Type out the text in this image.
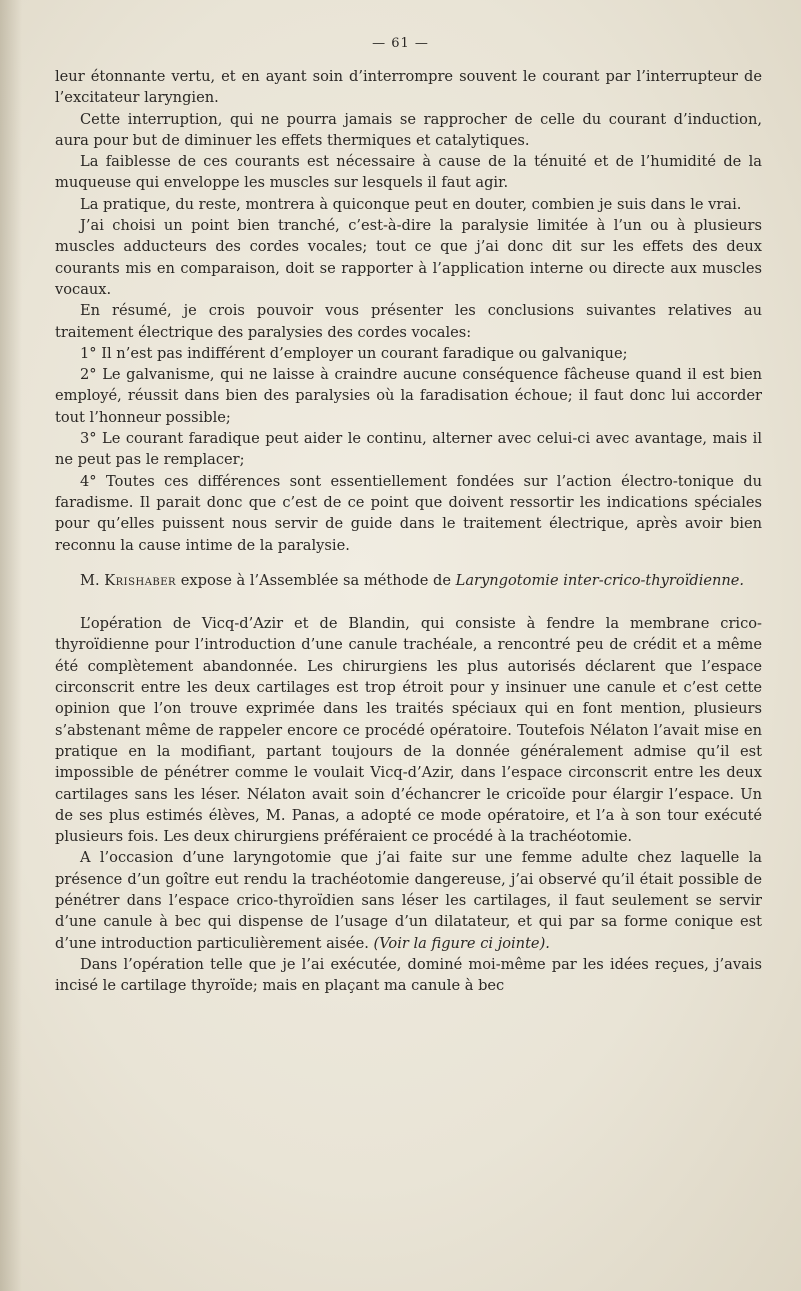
— 61 —

leur étonnante vertu, et en ayant soin d’interrompre souvent le courant par l’interrupteur de l’excitateur laryngien.

Cette interruption, qui ne pourra jamais se rapprocher de celle du courant d’induction, aura pour but de diminuer les effets thermiques et catalytiques.

La faiblesse de ces courants est nécessaire à cause de la ténuité et de l’humidité de la muqueuse qui enveloppe les muscles sur lesquels il faut agir.

La pratique, du reste, montrera à quiconque peut en douter, combien je suis dans le vrai.

J’ai choisi un point bien tranché, c’est-à-dire la paralysie limitée à l’un ou à plusieurs muscles adducteurs des cordes vocales; tout ce que j’ai donc dit sur les effets des deux courants mis en comparaison, doit se rapporter à l’application interne ou directe aux muscles vocaux.

En résumé, je crois pouvoir vous présenter les conclusions suivantes relatives au traitement électrique des paralysies des cordes vocales:

1° Il n’est pas indifférent d’employer un courant faradique ou galvanique;

2° Le galvanisme, qui ne laisse à craindre aucune conséquence fâcheuse quand il est bien employé, réussit dans bien des paralysies où la faradisation échoue; il faut donc lui accorder tout l’honneur possible;

3° Le courant faradique peut aider le continu, alterner avec celui-ci avec avantage, mais il ne peut pas le remplacer;

4° Toutes ces différences sont essentiellement fondées sur l’action électro-tonique du faradisme. Il parait donc que c’est de ce point que doivent ressortir les indications spéciales pour qu’elles puissent nous servir de guide dans le traitement électrique, après avoir bien reconnu la cause intime de la paralysie.

M. Krishaber expose à l’Assemblée sa méthode de Laryngotomie inter-crico-thyroïdienne.

L’opération de Vicq-d’Azir et de Blandin, qui consiste à fendre la membrane crico-thyroïdienne pour l’introduction d’une canule trachéale, a rencontré peu de crédit et a même été complètement abandonnée. Les chirurgiens les plus autorisés déclarent que l’espace circonscrit entre les deux cartilages est trop étroit pour y insinuer une canule et c’est cette opinion que l’on trouve exprimée dans les traités spéciaux qui en font mention, plusieurs s’abstenant même de rappeler encore ce procédé opératoire. Toutefois Nélaton l’avait mise en pratique en la modifiant, partant toujours de la donnée généralement admise qu’il est impossible de pénétrer comme le voulait Vicq-d’Azir, dans l’espace circonscrit entre les deux cartilages sans les léser. Nélaton avait soin d’échancrer le cricoïde pour élargir l’espace. Un de ses plus estimés élèves, M. Panas, a adopté ce mode opératoire, et l’a à son tour exécuté plusieurs fois. Les deux chirurgiens préféraient ce procédé à la trachéotomie.

A l’occasion d’une laryngotomie que j’ai faite sur une femme adulte chez laquelle la présence d’un goître eut rendu la trachéotomie dangereuse, j’ai observé qu’il était possible de pénétrer dans l’espace crico-thyroïdien sans léser les cartilages, il faut seulement se servir d’une canule à bec qui dispense de l’usage d’un dilatateur, et qui par sa forme conique est d’une introduction particulièrement aisée. (Voir la figure ci jointe).

Dans l’opération telle que je l’ai exécutée, dominé moi-même par les idées reçues, j’avais incisé le cartilage thyroïde; mais en plaçant ma canule à bec
